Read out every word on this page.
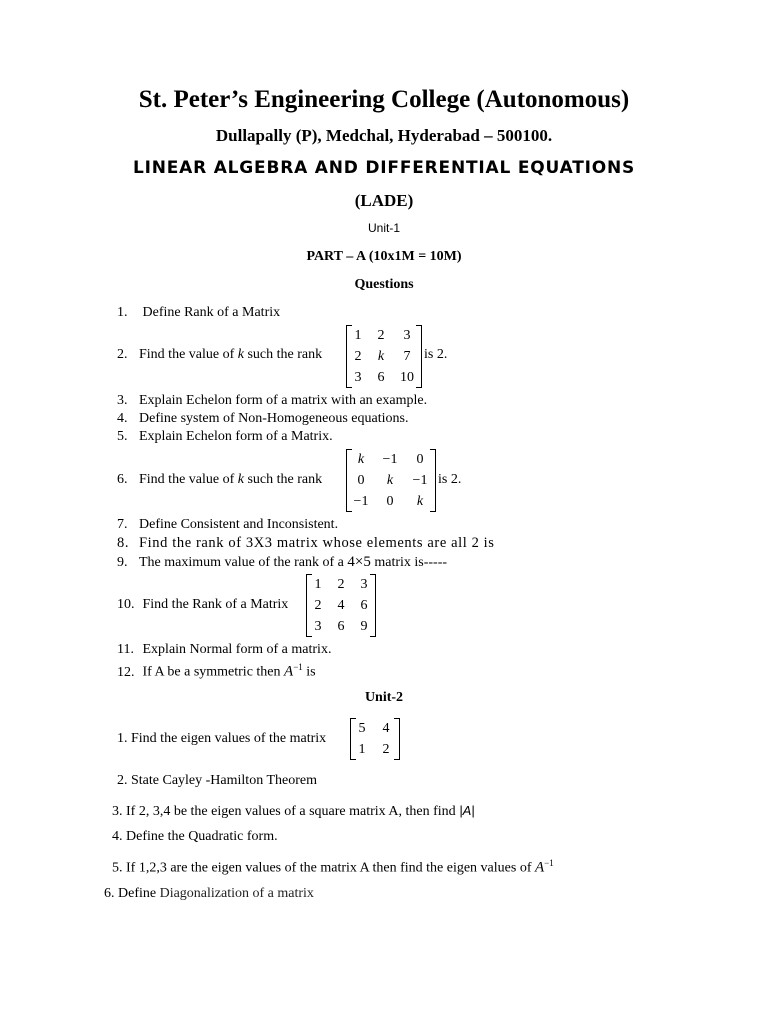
St. Peter’s Engineering College (Autonomous)
Dullapally (P), Medchal, Hyderabad – 500100.
LINEAR ALGEBRA AND DIFFERENTIAL EQUATIONS
(LADE)
Unit-1
PART – A (10x1M = 10M)
Questions
1. Define Rank of a Matrix
2. Find the value of k such the rank
1	2	3
2	k	7
3	6	10
is 2.
3. Explain Echelon form of a matrix with an example.
4. Define system of Non-Homogeneous equations.
5. Explain Echelon form of a Matrix.
6. Find the value of k such the rank
k	−1	0
0	k	−1
−1	0	k
is 2.
7. Define Consistent and Inconsistent.
8. Find the rank of 3X3 matrix whose elements are all 2 is
9. The maximum value of the rank of a 4×5 matrix is-----
10. Find the Rank of a Matrix
1	2	3
2	4	6
3	6	9
11. Explain Normal form of a matrix.
12. If A be a symmetric then $A^{-1}$ is
Unit-2
1. Find the eigen values of the matrix
5	4
1	2
2. State Cayley -Hamilton Theorem
3. If 2, 3,4 be the eigen values of a square matrix A, then find |A|
4. Define the Quadratic form.
5. If 1,2,3 are the eigen values of the matrix A then find the eigen values of $A^{-1}$
6. Define Diagonalization of a matrix
